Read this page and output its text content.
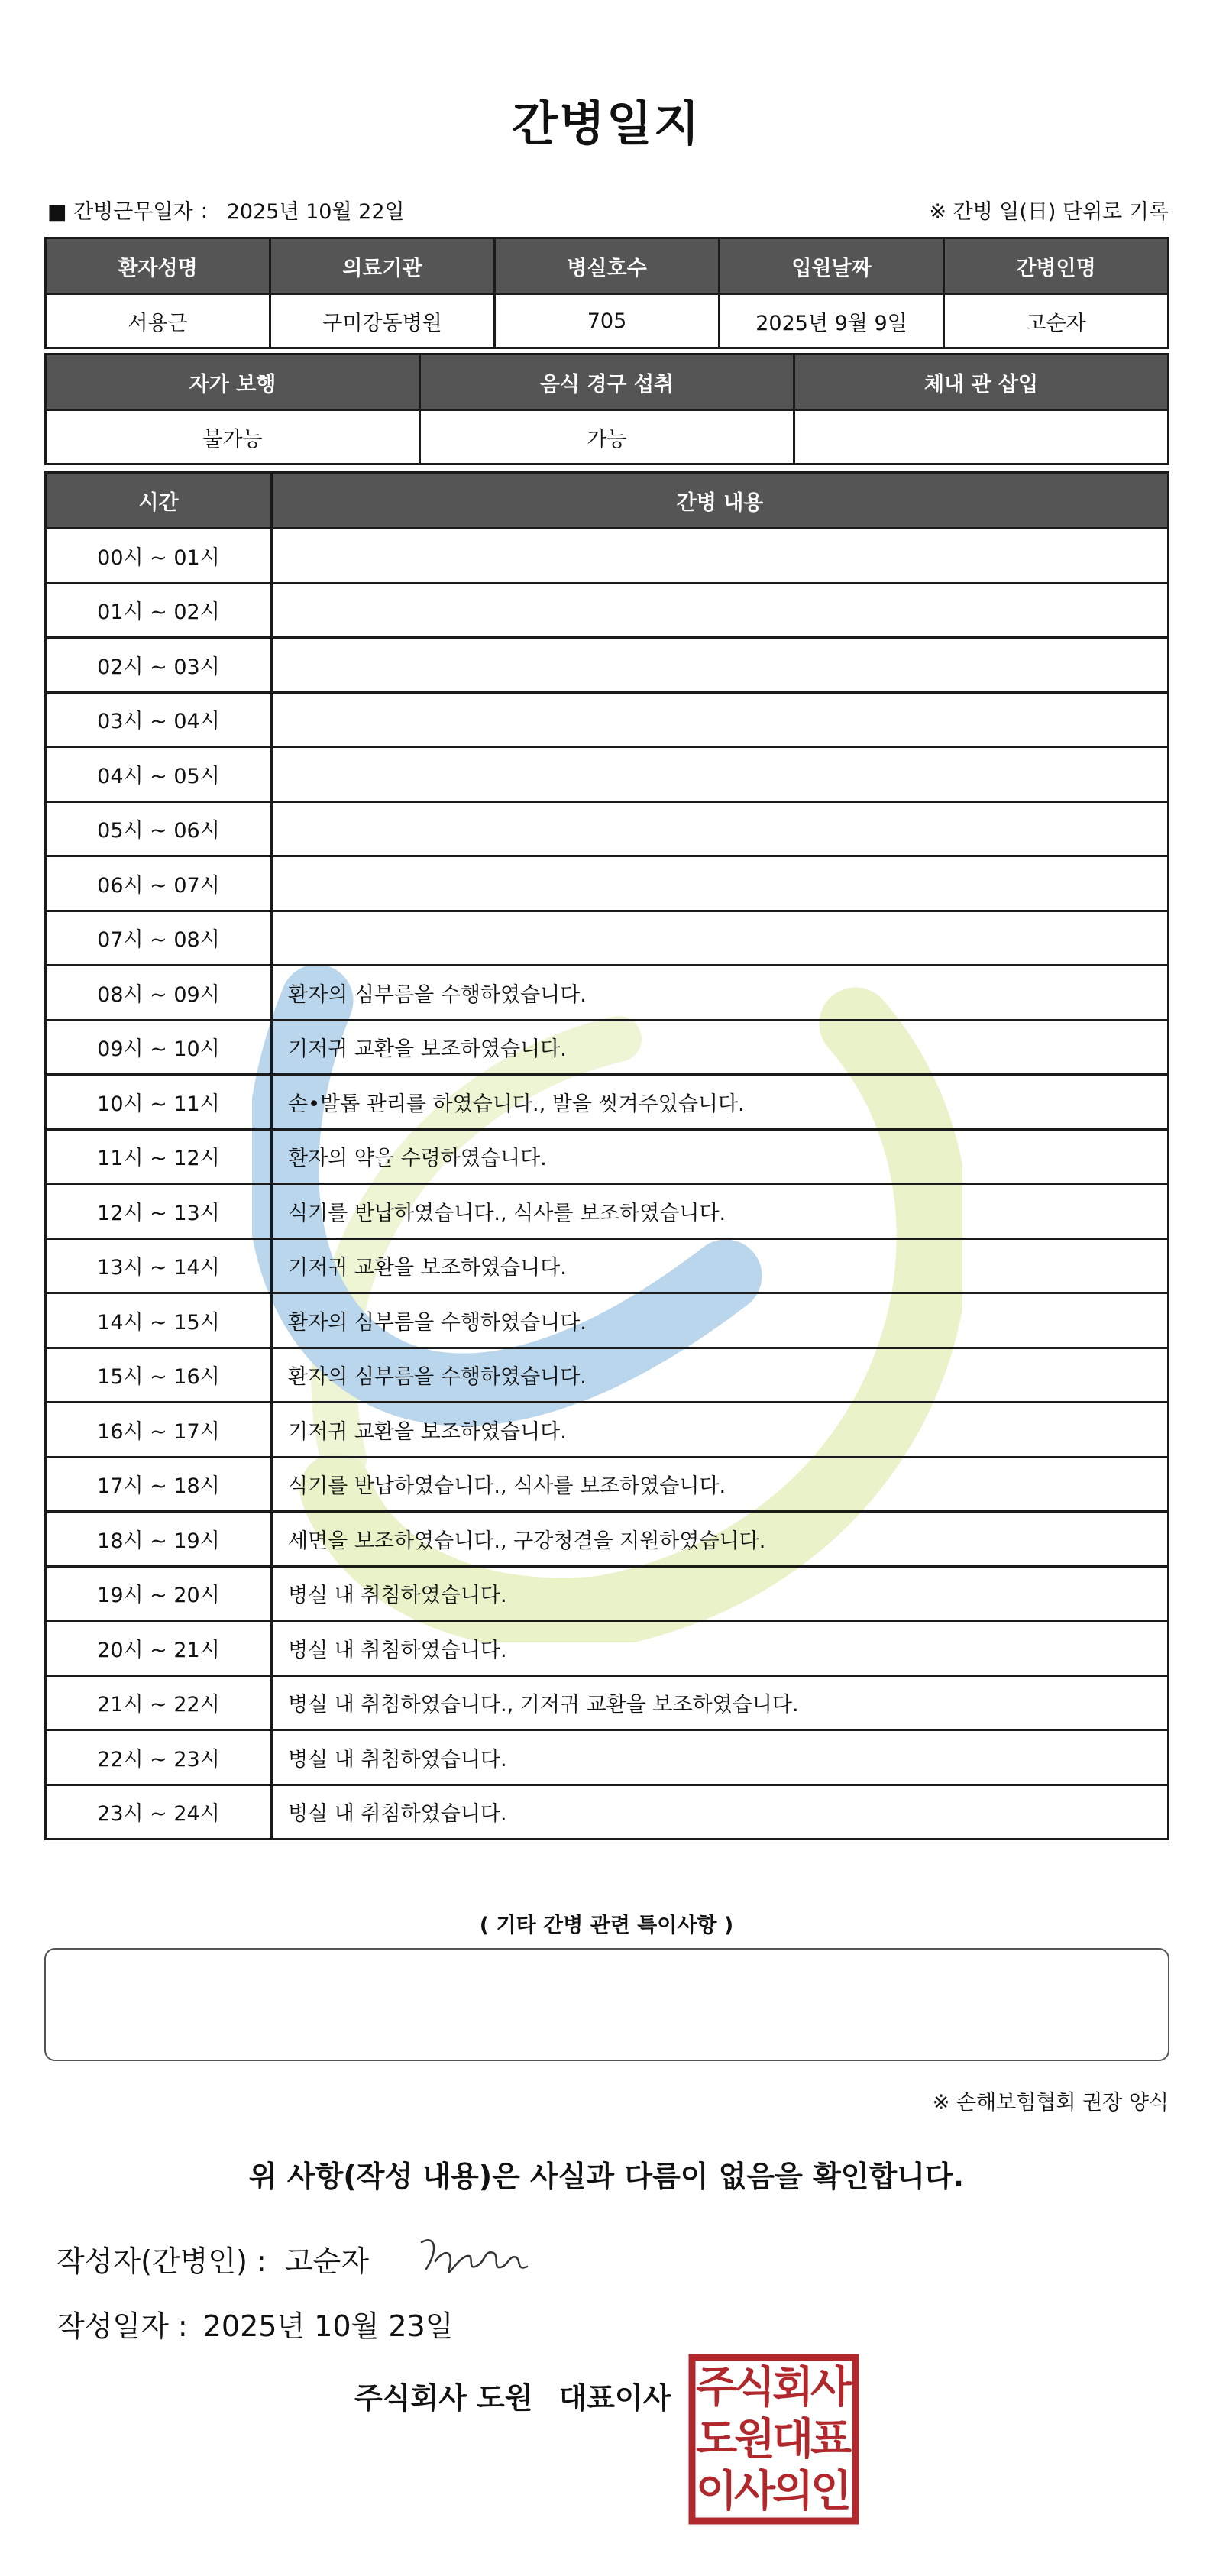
간병일지
■ 간병근무일자 ： 2025년 10월 22일	※ 간병 일(日) 단위로 기록
환자성명	의료기관	병실호수	입원날짜	간병인명
서용근	구미강동병원	705	2025년 9월 9일	고순자
자가 보행	음식 경구 섭취	체내 관 삽입
불가능	가능	
시간	간병 내용
00시 ~ 01시	
01시 ~ 02시	
02시 ~ 03시	
03시 ~ 04시	
04시 ~ 05시	
05시 ~ 06시	
06시 ~ 07시	
07시 ~ 08시	
08시 ~ 09시	환자의 심부름을 수행하였습니다.
09시 ~ 10시	기저귀 교환을 보조하였습니다.
10시 ~ 11시	손•발톱 관리를 하였습니다., 발을 씻겨주었습니다.
11시 ~ 12시	환자의 약을 수령하였습니다.
12시 ~ 13시	식기를 반납하였습니다., 식사를 보조하였습니다.
13시 ~ 14시	기저귀 교환을 보조하였습니다.
14시 ~ 15시	환자의 심부름을 수행하였습니다.
15시 ~ 16시	환자의 심부름을 수행하였습니다.
16시 ~ 17시	기저귀 교환을 보조하였습니다.
17시 ~ 18시	식기를 반납하였습니다., 식사를 보조하였습니다.
18시 ~ 19시	세면을 보조하였습니다., 구강청결을 지원하였습니다.
19시 ~ 20시	병실 내 취침하였습니다.
20시 ~ 21시	병실 내 취침하였습니다.
21시 ~ 22시	병실 내 취침하였습니다., 기저귀 교환을 보조하였습니다.
22시 ~ 23시	병실 내 취침하였습니다.
23시 ~ 24시	병실 내 취침하였습니다.
( 기타 간병 관련 특이사항 )
※ 손해보험협회 권장 양식
위 사항(작성 내용)은 사실과 다름이 없음을 확인합니다.
작성자(간병인) : 고순자
작성일자 : 2025년 10월 23일
주식회사 도원 대표이사 주
식
회
사
도
원
대
표
이
사
의
인
